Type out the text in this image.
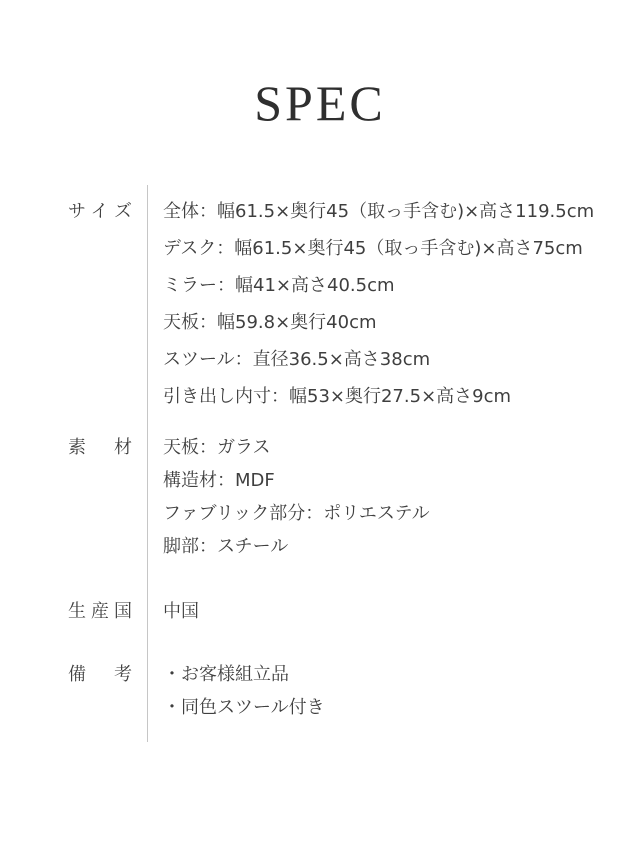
SPEC
サイズ	全体：幅61.5×奥行45（取っ手含む)×高さ119.5cm
デスク：幅61.5×奥行45（取っ手含む)×高さ75cm
ミラー：幅41×高さ40.5cm
天板：幅59.8×奥行40cm
スツール：直径36.5×高さ38cm
引き出し内寸：幅53×奥行27.5×高さ9cm
素材	天板：ガラス
構造材：MDF
ファブリック部分：ポリエステル
脚部：スチール
生産国	中国
備考	・お客様組立品
・同色スツール付き
